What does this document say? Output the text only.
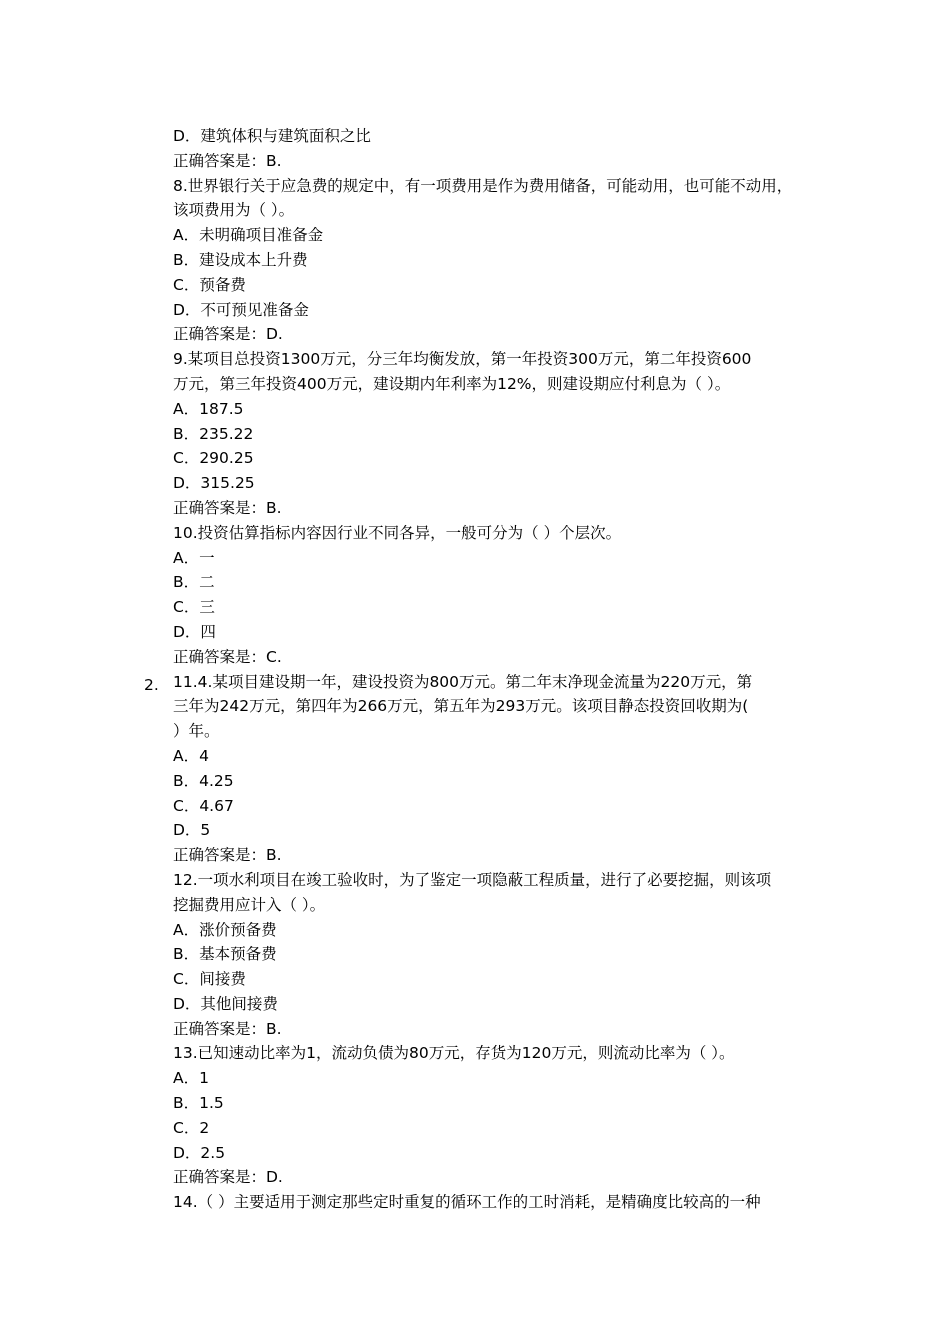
2.
D．建筑体积与建筑面积之比
正确答案是：B.
8.世界银行关于应急费的规定中，有一项费用是作为费用储备，可能动用，也可能不动用，
该项费用为（ ）。
A．未明确项目准备金
B．建设成本上升费
C．预备费
D．不可预见准备金
正确答案是：D.
9.某项目总投资1300万元，分三年均衡发放，第一年投资300万元，第二年投资600
万元，第三年投资400万元，建设期内年利率为12%，则建设期应付利息为（ ）。
A．187.5
B．235.22
C．290.25
D．315.25
正确答案是：B.
10.投资估算指标内容因行业不同各异，一般可分为（ ）个层次。
A．一
B．二
C．三
D．四
正确答案是：C.
11.4.某项目建设期一年，建设投资为800万元。第二年末净现金流量为220万元，第
三年为242万元，第四年为266万元，第五年为293万元。该项目静态投资回收期为(
）年。
A．4
B．4.25
C．4.67
D．5
正确答案是：B.
12.一项水利项目在竣工验收时，为了鉴定一项隐蔽工程质量，进行了必要挖掘，则该项
挖掘费用应计入（ ）。
A．涨价预备费
B．基本预备费
C．间接费
D．其他间接费
正确答案是：B.
13.已知速动比率为1，流动负债为80万元，存货为120万元，则流动比率为（ ）。
A．1
B．1.5
C．2
D．2.5
正确答案是：D.
14.（ ）主要适用于测定那些定时重复的循环工作的工时消耗，是精确度比较高的一种
